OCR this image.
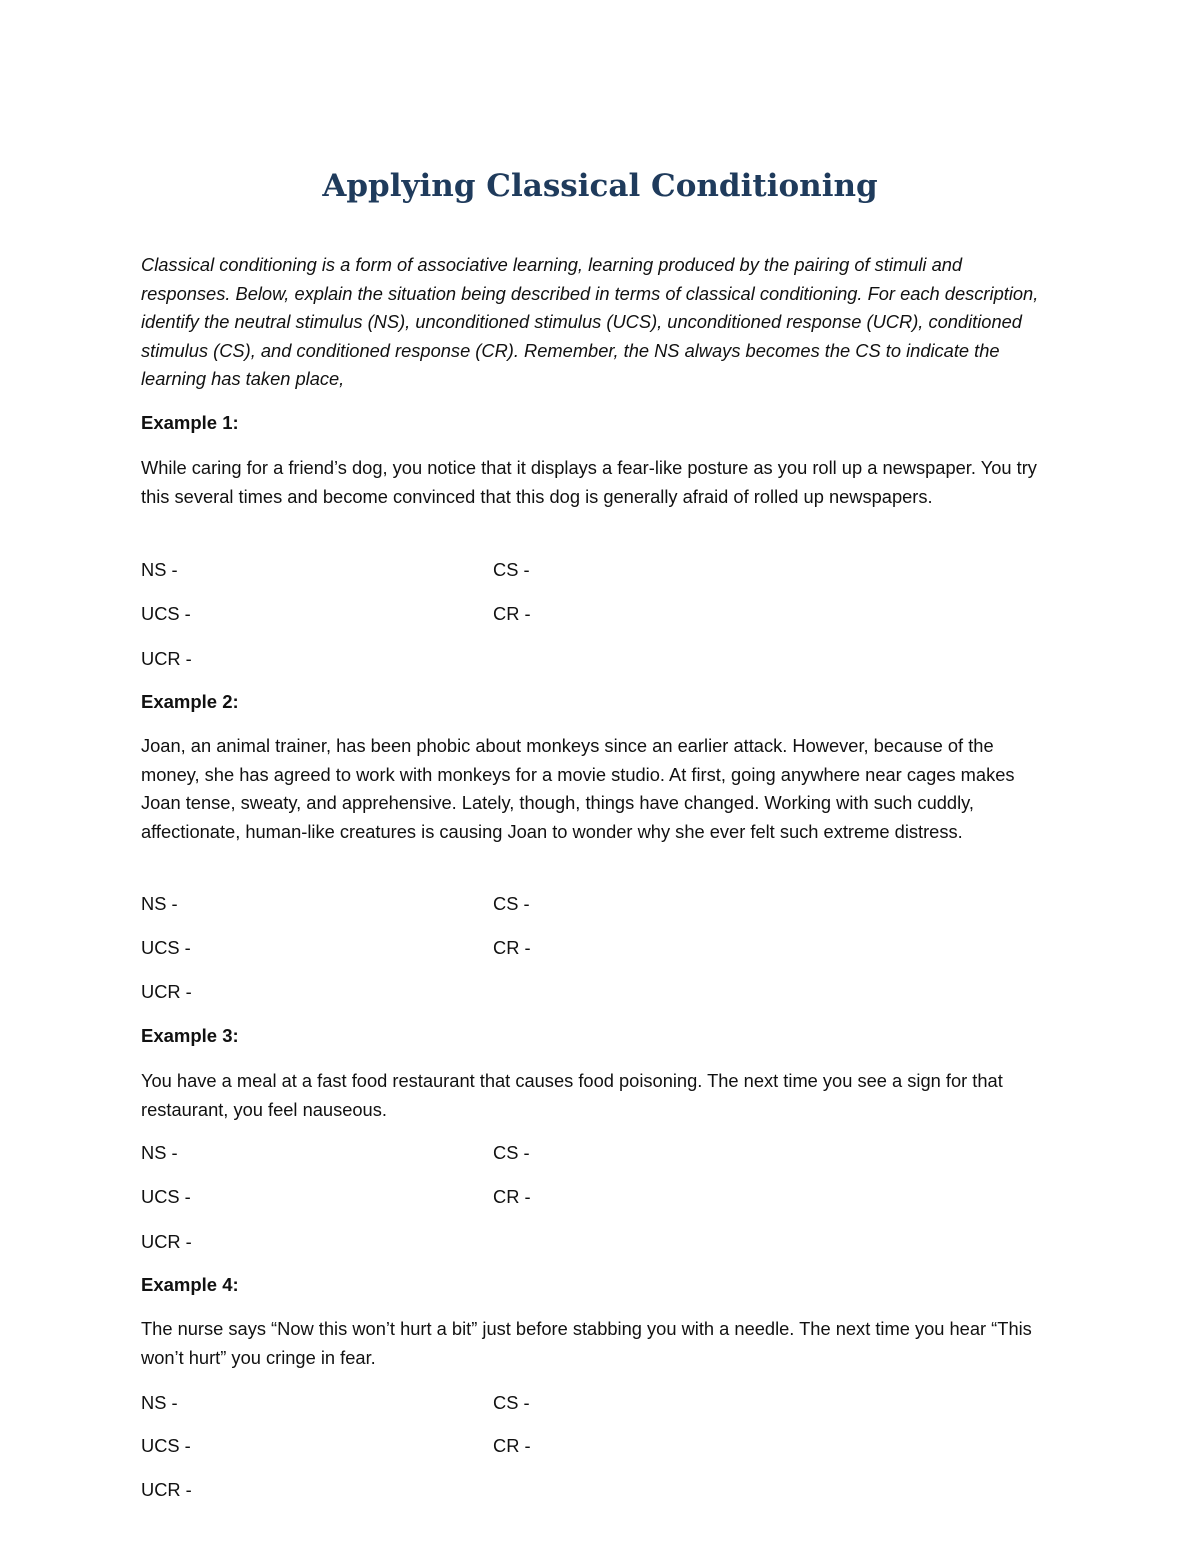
Applying Classical Conditioning

Classical conditioning is a form of associative learning, learning produced by the pairing of stimuli and responses. Below, explain the situation being described in terms of classical conditioning. For each description, identify the neutral stimulus (NS), unconditioned stimulus (UCS), unconditioned response (UCR), conditioned stimulus (CS), and conditioned response (CR). Remember, the NS always becomes the CS to indicate the learning has taken place,

Example 1:

While caring for a friend’s dog, you notice that it displays a fear-like posture as you roll up a newspaper. You try this several times and become convinced that this dog is generally afraid of rolled up newspapers.

NS -	CS -

UCS -	CR -

UCR -

Example 2:

Joan, an animal trainer, has been phobic about monkeys since an earlier attack. However, because of the money, she has agreed to work with monkeys for a movie studio. At first, going anywhere near cages makes Joan tense, sweaty, and apprehensive. Lately, though, things have changed. Working with such cuddly, affectionate, human-like creatures is causing Joan to wonder why she ever felt such extreme distress.

NS -	CS -

UCS -	CR -

UCR -

Example 3:

You have a meal at a fast food restaurant that causes food poisoning. The next time you see a sign for that restaurant, you feel nauseous.

NS -	CS -

UCS -	CR -

UCR -

Example 4:

The nurse says “Now this won’t hurt a bit” just before stabbing you with a needle. The next time you hear “This won’t hurt” you cringe in fear.

NS -	CS -

UCS -	CR -

UCR -
